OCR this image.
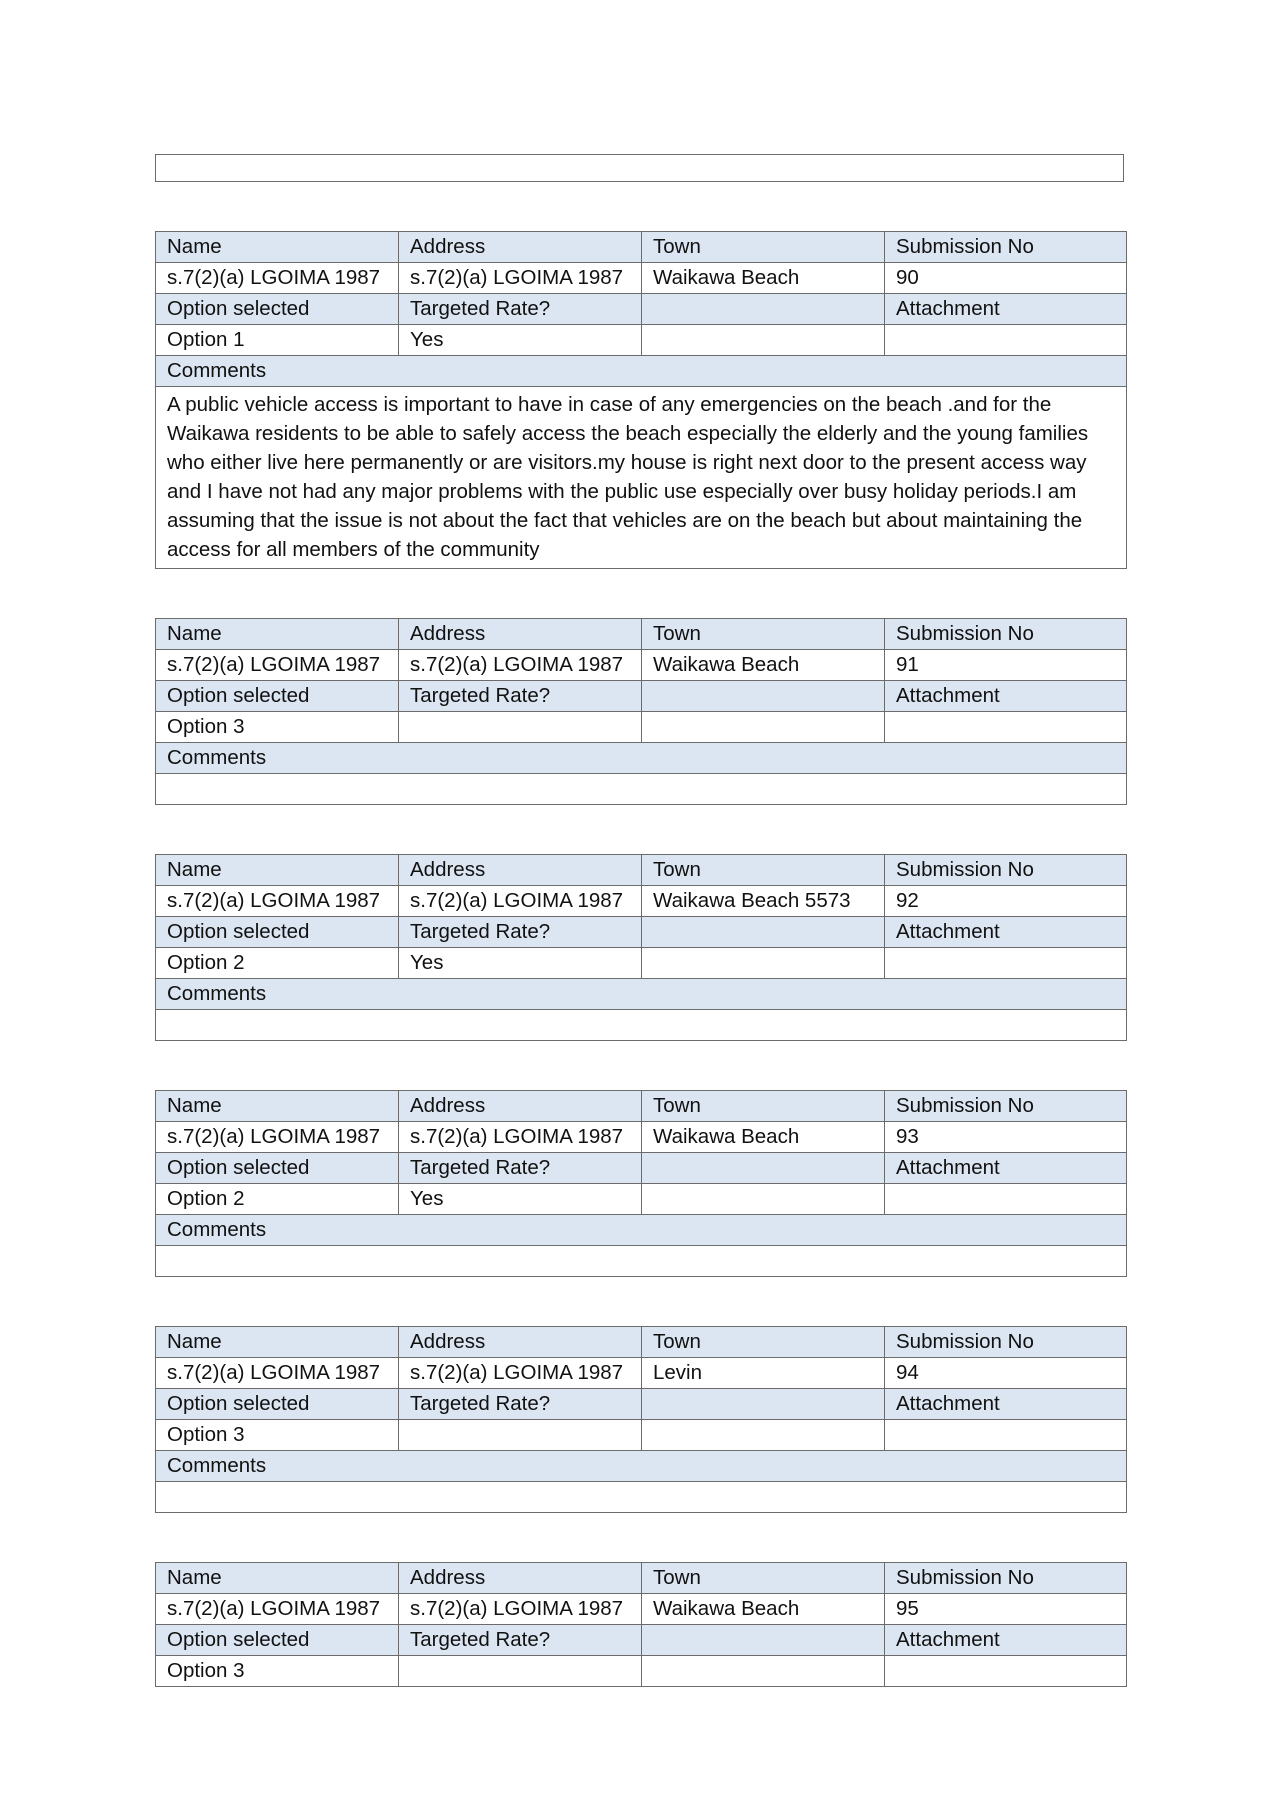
Name	Address	Town	Submission No
s.7(2)(a) LGOIMA 1987	s.7(2)(a) LGOIMA 1987	Waikawa Beach	90
Option selected	Targeted Rate?		Attachment
Option 1	Yes		
Comments			
A public vehicle access is important to have in case of any emergencies on the beach .and for the Waikawa residents to be able to safely access the beach especially the elderly and the young families who either live here permanently or are visitors.my house is right next door to the present access way and I have not had any major problems with the public use especially over busy holiday periods.I am assuming that the issue is not about the fact that vehicles are on the beach but about maintaining the access for all members of the community			
Name	Address	Town	Submission No
s.7(2)(a) LGOIMA 1987	s.7(2)(a) LGOIMA 1987	Waikawa Beach	91
Option selected	Targeted Rate?		Attachment
Option 3			
Comments			

Name	Address	Town	Submission No
s.7(2)(a) LGOIMA 1987	s.7(2)(a) LGOIMA 1987	Waikawa Beach 5573	92
Option selected	Targeted Rate?		Attachment
Option 2	Yes		
Comments			

Name	Address	Town	Submission No
s.7(2)(a) LGOIMA 1987	s.7(2)(a) LGOIMA 1987	Waikawa Beach	93
Option selected	Targeted Rate?		Attachment
Option 2	Yes		
Comments			

Name	Address	Town	Submission No
s.7(2)(a) LGOIMA 1987	s.7(2)(a) LGOIMA 1987	Levin	94
Option selected	Targeted Rate?		Attachment
Option 3			
Comments			

Name	Address	Town	Submission No
s.7(2)(a) LGOIMA 1987	s.7(2)(a) LGOIMA 1987	Waikawa Beach	95
Option selected	Targeted Rate?		Attachment
Option 3			
